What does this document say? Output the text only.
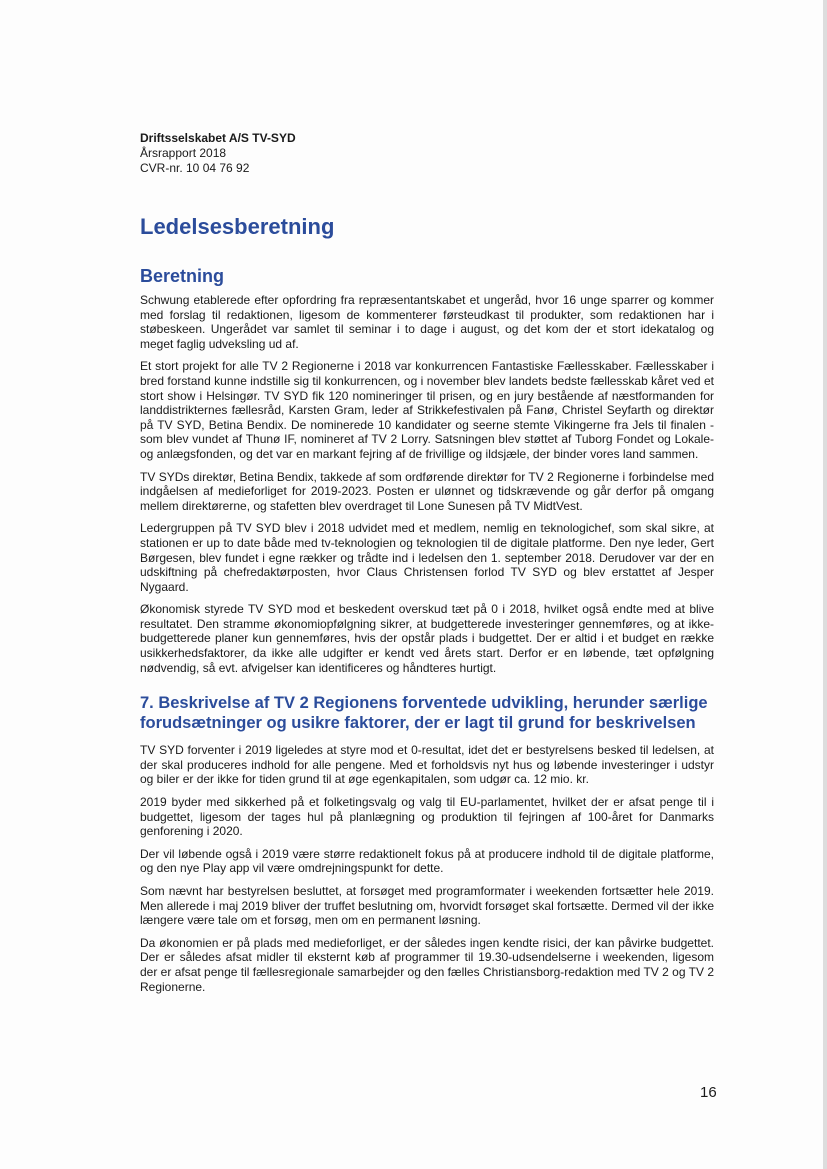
Driftsselskabet A/S TV-SYD
Årsrapport 2018
CVR-nr. 10 04 76 92
Ledelsesberetning
Beretning

Schwung etablerede efter opfordring fra repræsentantskabet et ungeråd, hvor 16 unge sparrer og kommer med forslag til redaktionen, ligesom de kommenterer førsteudkast til produkter, som redaktionen har i støbeskeen. Ungerådet var samlet til seminar i to dage i august, og det kom der et stort idekatalog og meget faglig udveksling ud af.

Et stort projekt for alle TV 2 Regionerne i 2018 var konkurrencen Fantastiske Fællesskaber. Fællesskaber i bred forstand kunne indstille sig til konkurrencen, og i november blev landets bedste fællesskab kåret ved et stort show i Helsingør. TV SYD fik 120 nomineringer til prisen, og en jury bestående af næstformanden for landdistrikternes fællesråd, Karsten Gram, leder af Strikkefestivalen på Fanø, Christel Seyfarth og direktør på TV SYD, Betina Bendix. De nominerede 10 kandidater og seerne stemte Vikingerne fra Jels til finalen - som blev vundet af Thunø IF, nomineret af TV 2 Lorry. Satsningen blev støttet af Tuborg Fondet og Lokale- og anlægsfonden, og det var en markant fejring af de frivillige og ildsjæle, der binder vores land sammen.

TV SYDs direktør, Betina Bendix, takkede af som ordførende direktør for TV 2 Regionerne i forbindelse med indgåelsen af medieforliget for 2019-2023. Posten er ulønnet og tidskrævende og går derfor på omgang mellem direktørerne, og stafetten blev overdraget til Lone Sunesen på TV MidtVest.

Ledergruppen på TV SYD blev i 2018 udvidet med et medlem, nemlig en teknologichef, som skal sikre, at stationen er up to date både med tv-teknologien og teknologien til de digitale platforme. Den nye leder, Gert Børgesen, blev fundet i egne rækker og trådte ind i ledelsen den 1. september 2018. Derudover var der en udskiftning på chefredaktørposten, hvor Claus Christensen forlod TV SYD og blev erstattet af Jesper Nygaard.

Økonomisk styrede TV SYD mod et beskedent overskud tæt på 0 i 2018, hvilket også endte med at blive resultatet. Den stramme økonomiopfølgning sikrer, at budgetterede investeringer gennemføres, og at ikke-budgetterede planer kun gennemføres, hvis der opstår plads i budgettet. Der er altid i et budget en række usikkerhedsfaktorer, da ikke alle udgifter er kendt ved årets start. Derfor er en løbende, tæt opfølgning nødvendig, så evt. afvigelser kan identificeres og håndteres hurtigt.

7. Beskrivelse af TV 2 Regionens forventede udvikling, herunder særlige forudsætninger og usikre faktorer, der er lagt til grund for beskrivelsen

TV SYD forventer i 2019 ligeledes at styre mod et 0-resultat, idet det er bestyrelsens besked til ledelsen, at der skal produceres indhold for alle pengene. Med et forholdsvis nyt hus og løbende investeringer i udstyr og biler er der ikke for tiden grund til at øge egenkapitalen, som udgør ca. 12 mio. kr.

2019 byder med sikkerhed på et folketingsvalg og valg til EU-parlamentet, hvilket der er afsat penge til i budgettet, ligesom der tages hul på planlægning og produktion til fejringen af 100-året for Danmarks genforening i 2020.

Der vil løbende også i 2019 være større redaktionelt fokus på at producere indhold til de digitale platforme, og den nye Play app vil være omdrejningspunkt for dette.

Som nævnt har bestyrelsen besluttet, at forsøget med programformater i weekenden fortsætter hele 2019. Men allerede i maj 2019 bliver der truffet beslutning om, hvorvidt forsøget skal fortsætte. Dermed vil der ikke længere være tale om et forsøg, men om en permanent løsning.

Da økonomien er på plads med medieforliget, er der således ingen kendte risici, der kan påvirke budgettet. Der er således afsat midler til eksternt køb af programmer til 19.30-udsendelserne i weekenden, ligesom der er afsat penge til fællesregionale samarbejder og den fælles Christiansborg-redaktion med TV 2 og TV 2 Regionerne.

16
